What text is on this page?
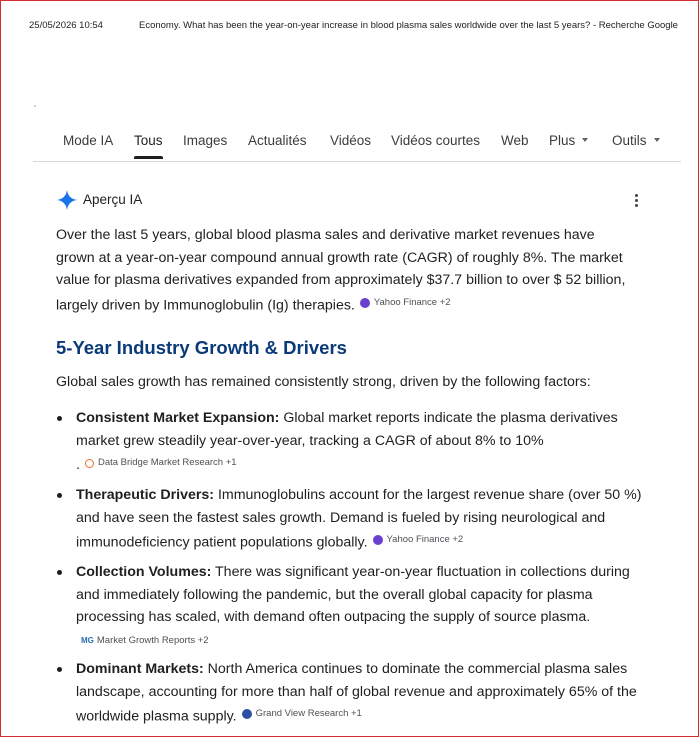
25/05/2026 10:54	Economy. What has been the year-on-year increase in blood plasma sales worldwide over the last 5 years? - Recherche Google
Mode IA Tous Images Actualités Vidéos Vidéos courtes Web Plus	Outils
Aperçu IA
Over the last 5 years, global blood plasma sales and derivative market revenues have grown at a year-on-year compound annual growth rate (CAGR) of roughly 8%. The market value for plasma derivatives expanded from approximately $37.7 billion to over $ 52 billion, largely driven by Immunoglobulin (Ig) therapies. Yahoo Finance +2
5-Year Industry Growth & Drivers
Global sales growth has remained consistently strong, driven by the following factors:
Consistent Market Expansion: Global market reports indicate the plasma derivatives market grew steadily year-over-year, tracking a CAGR of about 8% to 10%
. Data Bridge Market Research +1
Therapeutic Drivers: Immunoglobulins account for the largest revenue share (over 50 %) and have seen the fastest sales growth. Demand is fueled by rising neurological and immunodeficiency patient populations globally. Yahoo Finance +2
Collection Volumes: There was significant year-on-year fluctuation in collections during and immediately following the pandemic, but the overall global capacity for plasma processing has scaled, with demand often outpacing the supply of source plasma.
MG Market Growth Reports +2
Dominant Markets: North America continues to dominate the commercial plasma sales landscape, accounting for more than half of global revenue and approximately 65% of the worldwide plasma supply. Grand View Research +1
